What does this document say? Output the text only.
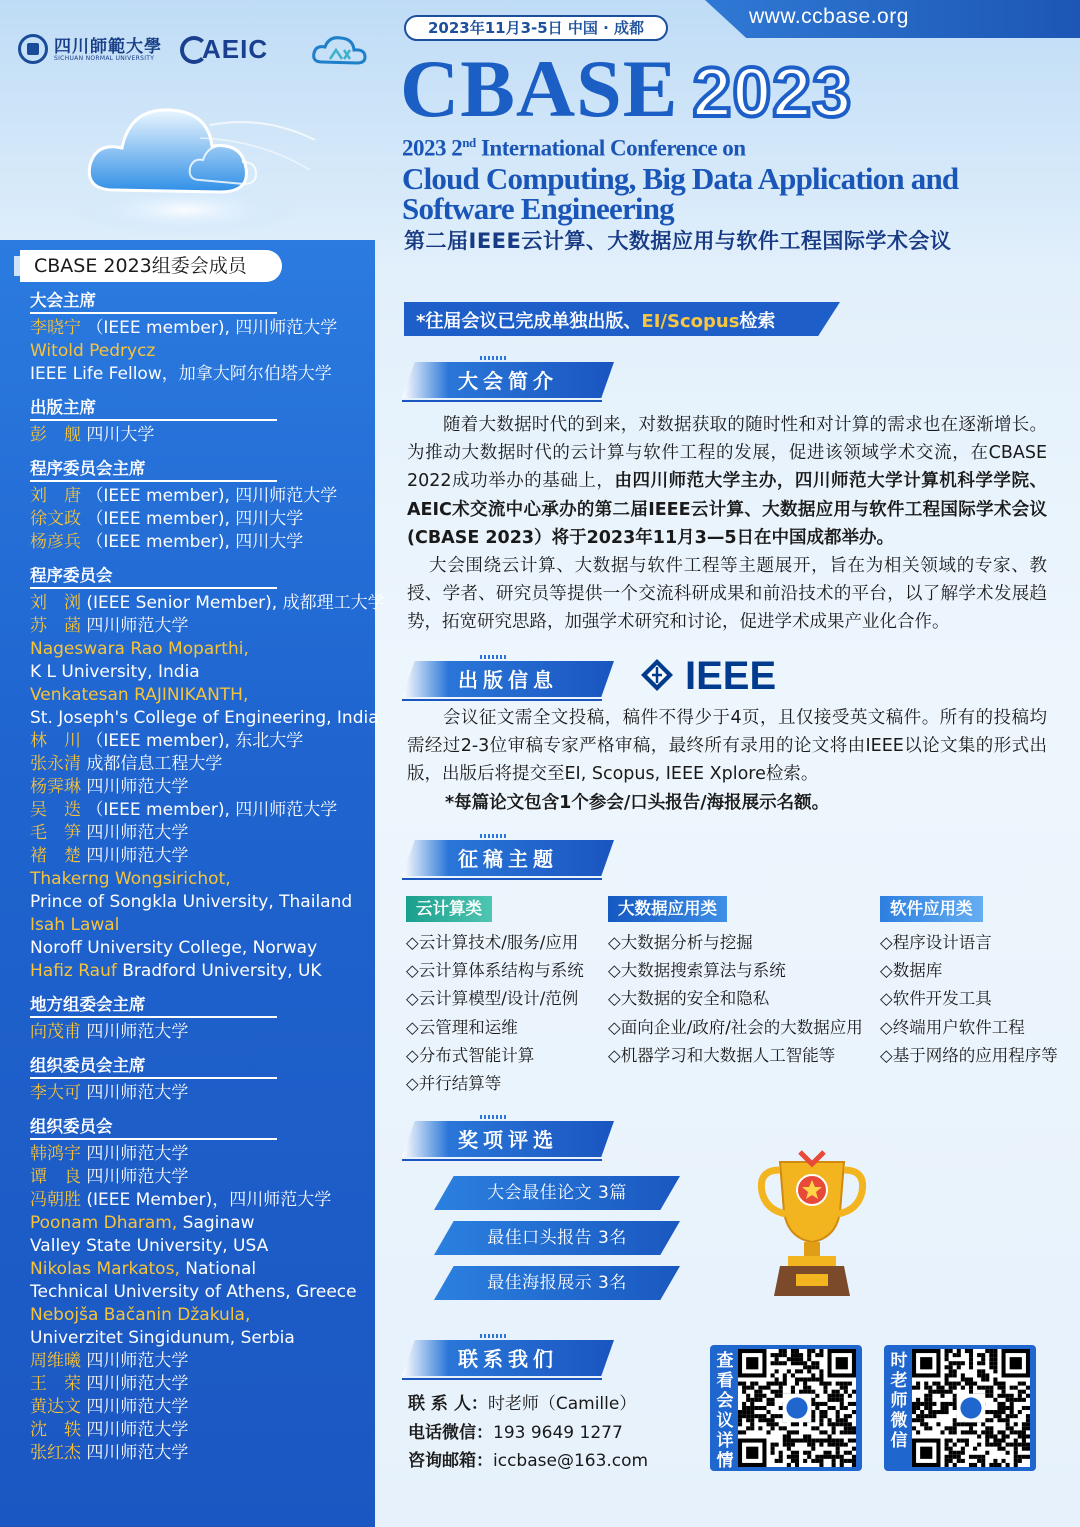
四川師範大學
SICHUAN NORMAL UNIVERSITY AEIC
2023年11月3-5日 中国 · 成都	www.ccbase.org
CBASE 2023
2023 2nd International Conference on
Cloud Computing, Big Data Application and
Software Engineering
第二届IEEE云计算、大数据应用与软件工程国际学术会议
CBASE 2023组委会成员
大会主席
李晓宁 （IEEE member), 四川师范大学
Witold Pedrycz
IEEE Life Fellow，加拿大阿尔伯塔大学
出版主席
彭　舰 四川大学
程序委员会主席
刘　唐 （IEEE member), 四川师范大学
徐文政 （IEEE member), 四川大学
杨彦兵 （IEEE member), 四川大学
程序委员会
刘　浏 (IEEE Senior Member), 成都理工大学
苏　菡 四川师范大学
Nageswara Rao Moparthi,
K L University, India
Venkatesan RAJINIKANTH,
St. Joseph's College of Engineering, India
林　川 （IEEE member), 东北大学
张永清 成都信息工程大学
杨霁琳 四川师范大学
吴　迭 （IEEE member), 四川师范大学
毛　笋 四川师范大学
褚　楚 四川师范大学
Thakerng Wongsirichot,
Prince of Songkla University, Thailand
Isah Lawal
Noroff University College, Norway
Hafiz Rauf Bradford University, UK
地方组委会主席
向茂甫 四川师范大学
组织委员会主席
李大可 四川师范大学
组织委员会
韩鸿宇 四川师范大学
谭　良 四川师范大学
冯朝胜 (IEEE Member)，四川师范大学
Poonam Dharam, Saginaw
Valley State University, USA
Nikolas Markatos, National
Technical University of Athens, Greece
Nebojša Bačanin Džakula,
Univerzitet Singidunum, Serbia
周维曦 四川师范大学
王　荣 四川师范大学
黄达文 四川师范大学
沈　轶 四川师范大学
张红杰 四川师范大学
*往届会议已完成单独出版、EI/Scopus检索
大会简介
随着大数据时代的到来，对数据获取的随时性和对计算的需求也在逐渐增长。为推动大数据时代的云计算与软件工程的发展，促进该领域学术交流，在CBASE 2022成功举办的基础上，由四川师范大学主办，四川师范大学计算机科学学院、AEIC术交流中心承办的第二届IEEE云计算、大数据应用与软件工程国际学术会议(CBASE 2023）将于2023年11月3—5日在中国成都举办。
大会围绕云计算、大数据与软件工程等主题展开，旨在为相关领域的专家、教授、学者、研究员等提供一个交流科研成果和前沿技术的平台，以了解学术发展趋势，拓宽研究思路，加强学术研究和讨论，促进学术成果产业化合作。
出版信息	IEEE
会议征文需全文投稿，稿件不得少于4页，且仅接受英文稿件。所有的投稿均需经过2-3位审稿专家严格审稿，最终所有录用的论文将由IEEE以论文集的形式出版，出版后将提交至EI, Scopus, IEEE Xplore检索。
*每篇论文包含1个参会/口头报告/海报展示名额。
征稿主题
云计算类
◇云计算技术/服务/应用
◇云计算体系结构与系统
◇云计算模型/设计/范例
◇云管理和运维
◇分布式智能计算
◇并行结算等
大数据应用类
◇大数据分析与挖掘
◇大数据搜索算法与系统
◇大数据的安全和隐私
◇面向企业/政府/社会的大数据应用
◇机器学习和大数据人工智能等
软件应用类
◇程序设计语言
◇数据库
◇软件开发工具
◇终端用户软件工程
◇基于网络的应用程序等
奖项评选
大会最佳论文 3篇
最佳口头报告 3名
最佳海报展示 3名
联系我们
联 系 人：时老师（Camille）
电话微信：193 9649 1277
咨询邮箱：iccbase@163.com
查看会议详情
时老师微信
